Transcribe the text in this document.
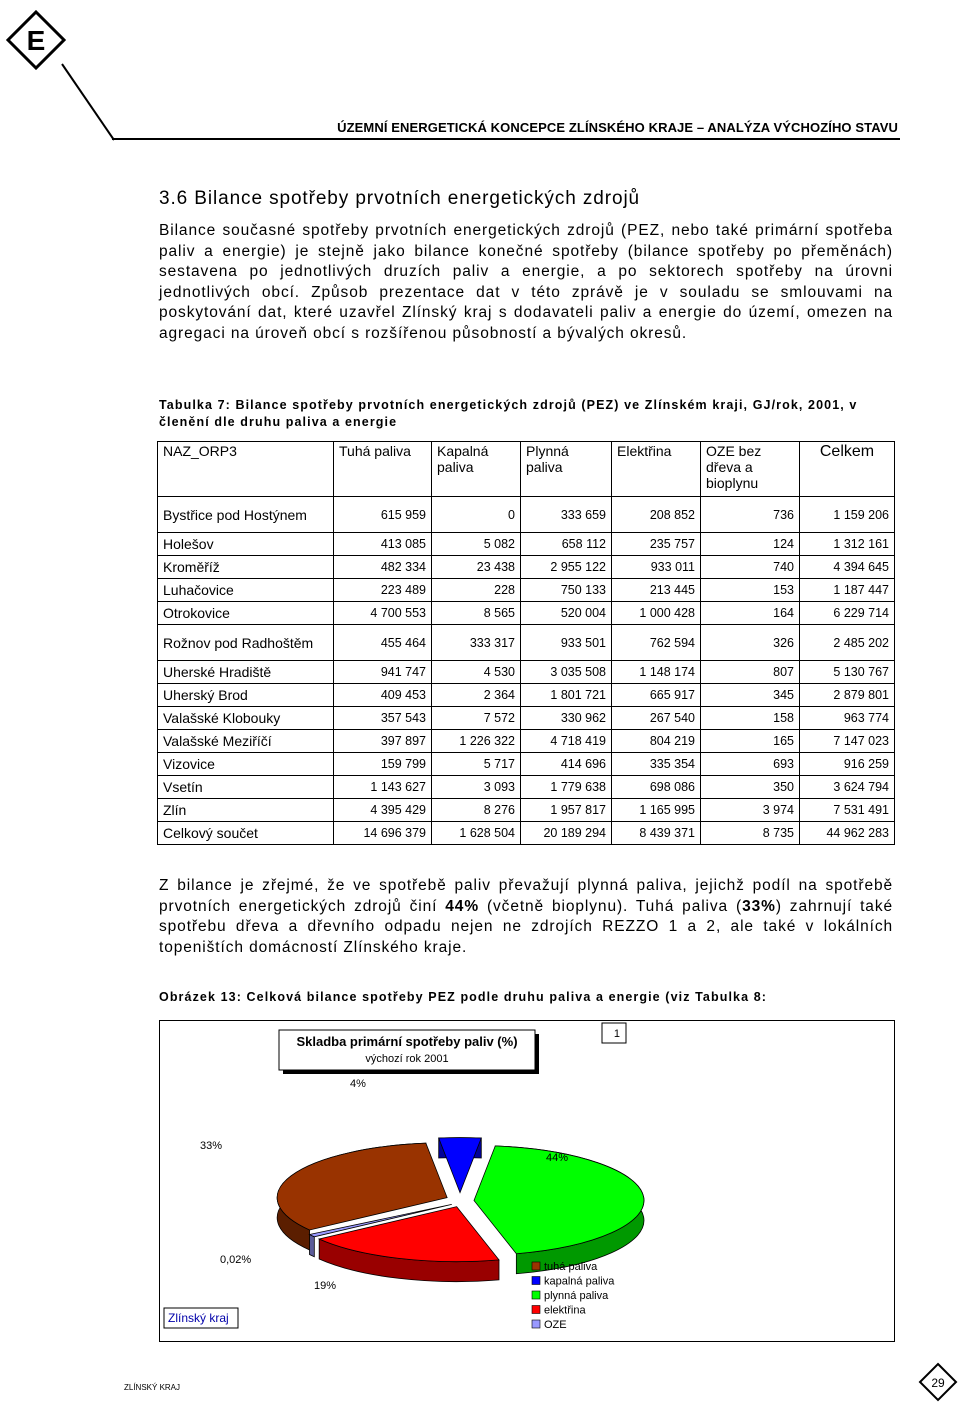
E
ÚZEMNÍ ENERGETICKÁ KONCEPCE ZLÍNSKÉHO KRAJE – ANALÝZA VÝCHOZÍHO STAVU
3.6 Bilance spotřeby prvotních energetických zdrojů
Bilance současné spotřeby prvotních energetických zdrojů (PEZ, nebo také primární spotřeba paliv a energie) je stejně jako bilance konečné spotřeby (bilance spotřeby po přeměnách) sestavena po jednotlivých druzích paliv a energie, a po sektorech spotřeby na úrovni jednotlivých obcí. Způsob prezentace dat v této zprávě je v souladu se smlouvami na poskytování dat, které uzavřel Zlínský kraj s dodavateli paliv a energie do území, omezen na agregaci na úroveň obcí s rozšířenou působností a bývalých okresů.
Tabulka 7: Bilance spotřeby prvotních energetických zdrojů (PEZ) ve Zlínském kraji, GJ/rok, 2001, v členění dle druhu paliva a energie
NAZ_ORP3	Tuhá paliva	Kapalná paliva	Plynná paliva	Elektřina	OZE bez dřeva a bioplynu	Celkem
Bystřice pod Hostýnem	615 959	0	333 659	208 852	736	1 159 206
Holešov	413 085	5 082	658 112	235 757	124	1 312 161
Kroměříž	482 334	23 438	2 955 122	933 011	740	4 394 645
Luhačovice	223 489	228	750 133	213 445	153	1 187 447
Otrokovice	4 700 553	8 565	520 004	1 000 428	164	6 229 714
Rožnov pod Radhoštěm	455 464	333 317	933 501	762 594	326	2 485 202
Uherské Hradiště	941 747	4 530	3 035 508	1 148 174	807	5 130 767
Uherský Brod	409 453	2 364	1 801 721	665 917	345	2 879 801
Valašské Klobouky	357 543	7 572	330 962	267 540	158	963 774
Valašské Meziříčí	397 897	1 226 322	4 718 419	804 219	165	7 147 023
Vizovice	159 799	5 717	414 696	335 354	693	916 259
Vsetín	1 143 627	3 093	1 779 638	698 086	350	3 624 794
Zlín	4 395 429	8 276	1 957 817	1 165 995	3 974	7 531 491
Celkový součet	14 696 379	1 628 504	20 189 294	8 439 371	8 735	44 962 283
Z bilance je zřejmé, že ve spotřebě paliv převažují plynná paliva, jejichž podíl na spotřebě prvotních energetických zdrojů činí 44% (včetně bioplynu). Tuhá paliva (33%) zahrnují také spotřebu dřeva a dřevního odpadu nejen ne zdrojích REZZO 1 a 2, ale také v lokálních topeništích domácností Zlínského kraje.
Obrázek 13: Celková bilance spotřeby PEZ podle druhu paliva a energie (viz Tabulka 8:
Skladba primární spotřeby paliv (%)
výchozí rok 2001
1
Zlínský kraj
33%
4%
44%
19%
0,02%
tuhá paliva
kapalná paliva
plynná paliva
elektřina
OZE
ZLÍNSKÝ KRAJ	29
